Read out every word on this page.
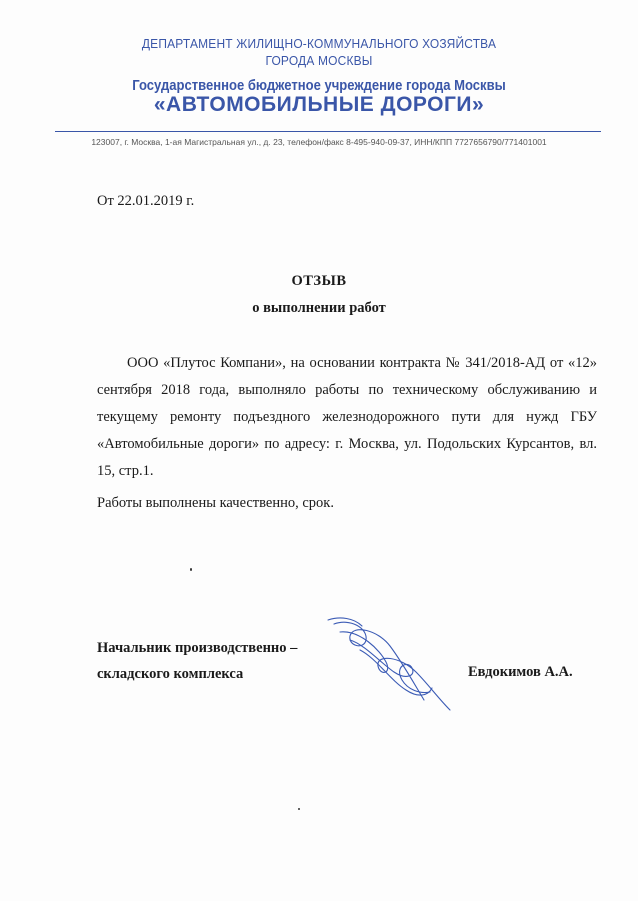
ДЕПАРТАМЕНТ ЖИЛИЩНО-КОММУНАЛЬНОГО ХОЗЯЙСТВА
ГОРОДА МОСКВЫ
Государственное бюджетное учреждение города Москвы
«АВТОМОБИЛЬНЫЕ ДОРОГИ»
123007, г. Москва, 1-ая Магистральная ул., д. 23, телефон/факс 8-495-940-09-37, ИНН/КПП 7727656790/771401001
От 22.01.2019 г.
ОТЗЫВ
о выполнении работ

ООО «Плутос Компани», на основании контракта № 341/2018-АД от «12» сентября 2018 года, выполняло работы по техническому обслуживанию и текущему ремонту подъездного железнодорожного пути для нужд ГБУ «Автомобильные дороги» по адресу: г. Москва, ул. Подольских Курсантов, вл. 15, стр.1.

Работы выполнены качественно, срок.
Начальник производственно –
складского комплекса	Евдокимов А.А.
